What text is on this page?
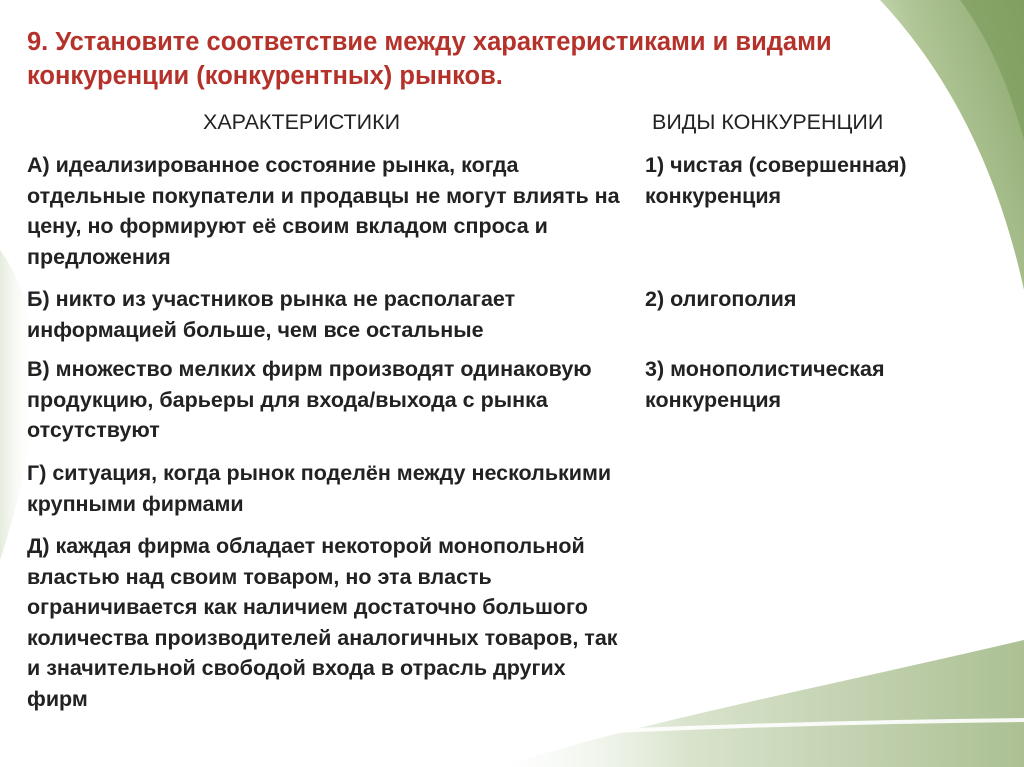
9. Установите соответствие между характеристиками и видами конкуренции (конкурентных) рынков.
ХАРАКТЕРИСТИКИ	ВИДЫ КОНКУРЕНЦИИ

А) идеализированное состояние рынка, когда отдельные покупатели и продавцы не могут влиять на цену, но формируют её своим вкладом спроса и предложения

Б) никто из участников рынка не располагает информацией больше, чем все остальные

В) множество мелких фирм производят одинаковую продукцию, барьеры для входа/выхода с рынка отсутствуют

Г) ситуация, когда рынок поделён между несколькими крупными фирмами

Д) каждая фирма обладает некоторой монопольной властью над своим товаром, но эта власть ограничивается как наличием достаточно большого количества производителей аналогичных товаров, так и значительной свободой входа в отрасль других фирм

1) чистая (совершенная) конкуренция

2) олигополия

3) монополистическая конкуренция
